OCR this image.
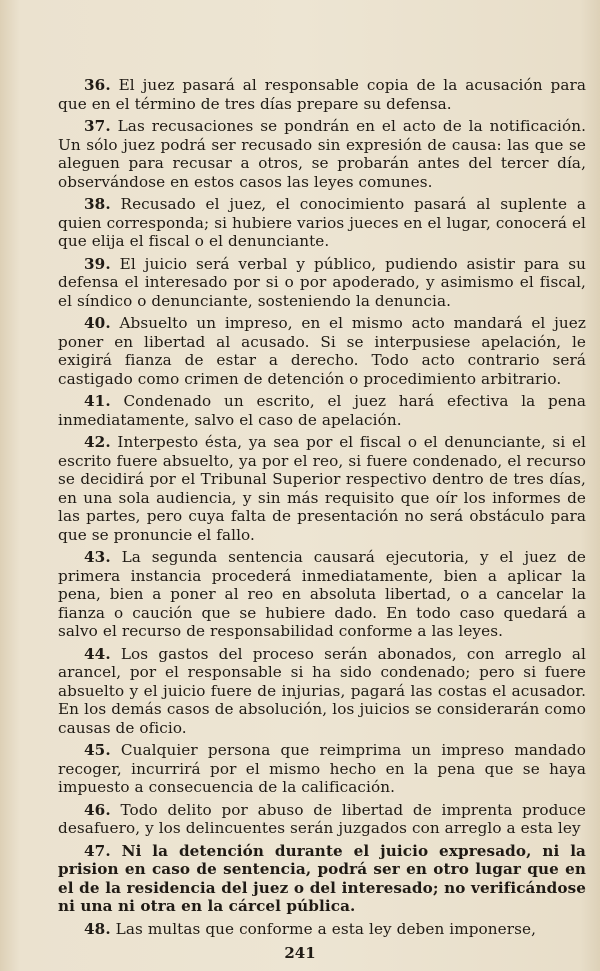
36. El juez pasará al responsable copia de la acusación para que en el término de tres días prepare su defensa.

37. Las recusaciones se pondrán en el acto de la notificación. Un sólo juez podrá ser recusado sin expresión de causa: las que se aleguen para recusar a otros, se probarán antes del tercer día, observándose en estos casos las leyes comunes.

38. Recusado el juez, el conocimiento pasará al suplente a quien corresponda; si hubiere varios jueces en el lugar, conocerá el que elija el fiscal o el denunciante.

39. El juicio será verbal y público, pudiendo asistir para su defensa el interesado por si o por apoderado, y asimismo el fiscal, el síndico o denunciante, sosteniendo la denuncia.

40. Absuelto un impreso, en el mismo acto mandará el juez poner en libertad al acusado. Si se interpusiese apelación, le exigirá fianza de estar a derecho. Todo acto contrario será castigado como crimen de detención o procedimiento arbitrario.

41. Condenado un escrito, el juez hará efectiva la pena inmediatamente, salvo el caso de apelación.

42. Interpesto ésta, ya sea por el fiscal o el denunciante, si el escrito fuere absuelto, ya por el reo, si fuere condenado, el recurso se decidirá por el Tribunal Superior respectivo dentro de tres días, en una sola audiencia, y sin más requisito que oír los informes de las partes, pero cuya falta de presentación no será obstáculo para que se pronuncie el fallo.

43. La segunda sentencia causará ejecutoria, y el juez de primera instancia procederá inmediatamente, bien a aplicar la pena, bien a poner al reo en absoluta libertad, o a cancelar la fianza o caución que se hubiere dado. En todo caso quedará a salvo el recurso de responsabilidad conforme a las leyes.

44. Los gastos del proceso serán abonados, con arreglo al arancel, por el responsable si ha sido condenado; pero si fuere absuelto y el juicio fuere de injurias, pagará las costas el acusador. En los demás casos de absolución, los juicios se considerarán como causas de oficio.

45. Cualquier persona que reimprima un impreso mandado recoger, incurrirá por el mismo hecho en la pena que se haya impuesto a consecuencia de la calificación.

46. Todo delito por abuso de libertad de imprenta produce desafuero, y los delincuentes serán juzgados con arreglo a esta ley

47. Ni la detención durante el juicio expresado, ni la prision en caso de sentencia, podrá ser en otro lugar que en el de la residencia del juez o del interesado; no verificándose ni una ni otra en la cárcel pública.

48. Las multas que conforme a esta ley deben imponerse,

241
